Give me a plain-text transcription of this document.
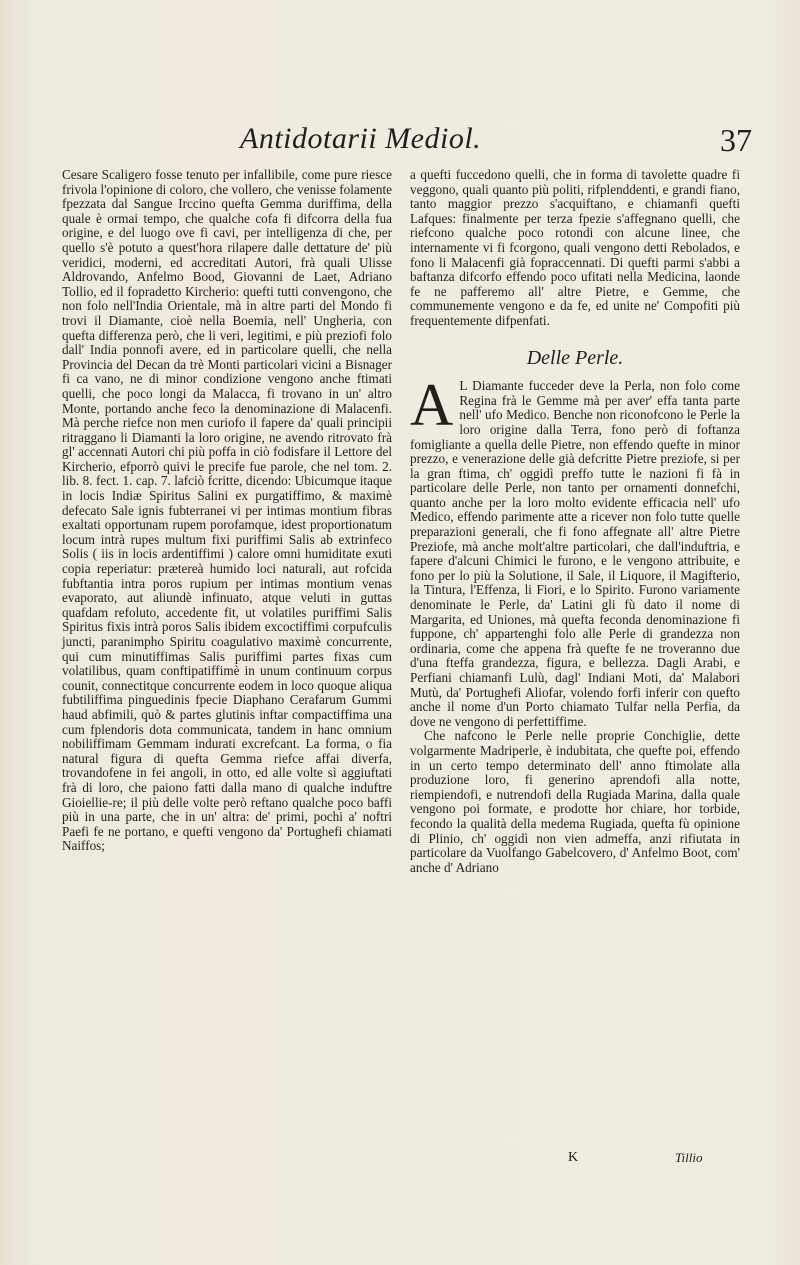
Antidotarii Mediol.	37

Cesare Scaligero fosse tenuto per infallibile, come pure riesce frivola l'opinione di coloro, che vollero, che venisse folamente fpezzata dal Sangue Irccino quefta Gemma duriffima, della quale è ormai tempo, che qualche cofa fi difcorra della fua origine, e del luogo ove fi cavi, per intelligenza di che, per quello s'è potuto a quest'hora rilapere dalle dettature de' più veridici, moderni, ed accreditati Autori, frà quali Ulisse Aldrovando, Anfelmo Bood, Giovanni de Laet, Adriano Tollio, ed il fopradetto Kircherio: quefti tutti convengono, che non folo nell'India Orientale, mà in altre parti del Mondo fi trovi il Diamante, cioè nella Boemia, nell' Ungheria, con quefta differenza però, che li veri, legitimi, e più preziofi folo dall' India ponnofi avere, ed in particolare quelli, che nella Provincia del Decan da trè Monti particolari vicini a Bisnager fi ca vano, ne di minor condizione vengono anche ftimati quelli, che poco longi da Malacca, fi trovano in un' altro Monte, portando anche feco la denominazione di Malacenfi. Mà perche riefce non men curiofo il fapere da' quali principii ritraggano li Diamanti la loro origine, ne avendo ritrovato frà gl' accennati Autori chi più poffa in ciò fodisfare il Lettore del Kircherio, efporrò quivi le precife fue parole, che nel tom. 2. lib. 8. fect. 1. cap. 7. lafciò fcritte, dicendo: Ubicumque itaque in locis Indiæ Spiritus Salini ex purgatiffimo, & maximè defecato Sale ignis fubterranei vi per intimas montium fibras exaltati opportunam rupem porofamque, idest proportionatum locum intrà rupes multum fixi puriffimi Salis ab extrinfeco Solis ( iis in locis ardentiffimi ) calore omni humiditate exuti copia reperiatur: prætereà humido loci naturali, aut rofcida fubftantia intra poros rupium per intimas montium venas evaporato, aut aliundè infinuato, atque veluti in guttas quafdam refoluto, accedente fit, ut volatiles puriffimi Salis Spiritus fixis intrà poros Salis ibidem excoctiffimi corpufculis juncti, paranimpho Spiritu coagulativo maximè concurrente, qui cum minutiffimas Salis puriffimi partes fixas cum volatilibus, quam conftipatiffimè in unum continuum corpus counit, connectitque concurrente eodem in loco quoque aliqua fubtiliffima pinguedinis fpecie Diaphano Cerafarum Gummi haud abfimili, quò & partes glutinis inftar compactiffima una cum fplendoris dota communicata, tandem in hanc omnium nobiliffimam Gemmam indurati excrefcant. La forma, o fia natural figura di quefta Gemma riefce affai diverfa, trovandofene in fei angoli, in otto, ed alle volte sì aggiuftati frà di loro, che paiono fatti dalla mano di qualche induftre Gioiellie-re; il più delle volte però reftano qualche poco baffi più in una parte, che in un' altra: de' primi, pochi a' noftri Paefi fe ne portano, e quefti vengono da' Portughefi chiamati Naiffos;

a quefti fuccedono quelli, che in forma di tavolette quadre fi veggono, quali quanto più politi, rifplenddenti, e grandi fiano, tanto maggior prezzo s'acquiftano, e chiamanfi quefti Lafques: finalmente per terza fpezie s'affegnano quelli, che riefcono qualche poco rotondi con alcune linee, che internamente vi fi fcorgono, quali vengono detti Rebolados, e fono li Malacenfi già fopraccennati. Di quefti parmi s'abbi a baftanza difcorfo effendo poco ufitati nella Medicina, laonde fe ne pafferemo all' altre Pietre, e Gemme, che communemente vengono e da fe, ed unite ne' Compofiti più frequentemente difpenfati.

Delle Perle.

A L Diamante fucceder deve la Perla, non folo come Regina frà le Gemme mà per aver' effa tanta parte nell' ufo Medico. Benche non riconofcono le Perle la loro origine dalla Terra, fono però di foftanza fomigliante a quella delle Pietre, non effendo quefte in minor prezzo, e venerazione delle già defcritte Pietre preziofe, si per la gran ftima, ch' oggidì preffo tutte le nazioni fi fà in particolare delle Perle, non tanto per ornamenti donnefchi, quanto anche per la loro molto evidente efficacia nell' ufo Medico, effendo parimente atte a ricever non folo tutte quelle preparazioni generali, che fi fono affegnate all' altre Pietre Preziofe, mà anche molt'altre particolari, che dall'induftria, e fapere d'alcuni Chimici le furono, e le vengono attribuite, e fono per lo più la Solutione, il Sale, il Liquore, il Magifterio, la Tintura, l'Effenza, li Fiori, e lo Spirito. Furono variamente denominate le Perle, da' Latini gli fù dato il nome di Margarita, ed Uniones, mà quefta feconda denominazione fi fuppone, ch' appartenghi folo alle Perle di grandezza non ordinaria, come che appena frà quefte fe ne troveranno due d'una fteffa grandezza, figura, e bellezza. Dagli Arabi, e Perfiani chiamanfi Lulù, dagl' Indiani Moti, da' Malabori Mutù, da' Portughefi Aliofar, volendo forfi inferir con quefto anche il nome d'un Porto chiamato Tulfar nella Perfia, da dove ne vengono di perfettiffime.

Che nafcono le Perle nelle proprie Conchiglie, dette volgarmente Madriperle, è indubitata, che quefte poi, effendo in un certo tempo determinato dell' anno ftimolate alla produzione loro, fi generino aprendofi alla notte, riempiendofi, e nutrendofi della Rugiada Marina, dalla quale vengono poi formate, e prodotte hor chiare, hor torbide, fecondo la qualità della medema Rugiada, quefta fù opinione di Plinio, ch' oggidì non vien admeffa, anzi rifiutata in particolare da Vuolfango Gabelcovero, d' Anfelmo Boot, com' anche d' Adriano

K	Tillio
